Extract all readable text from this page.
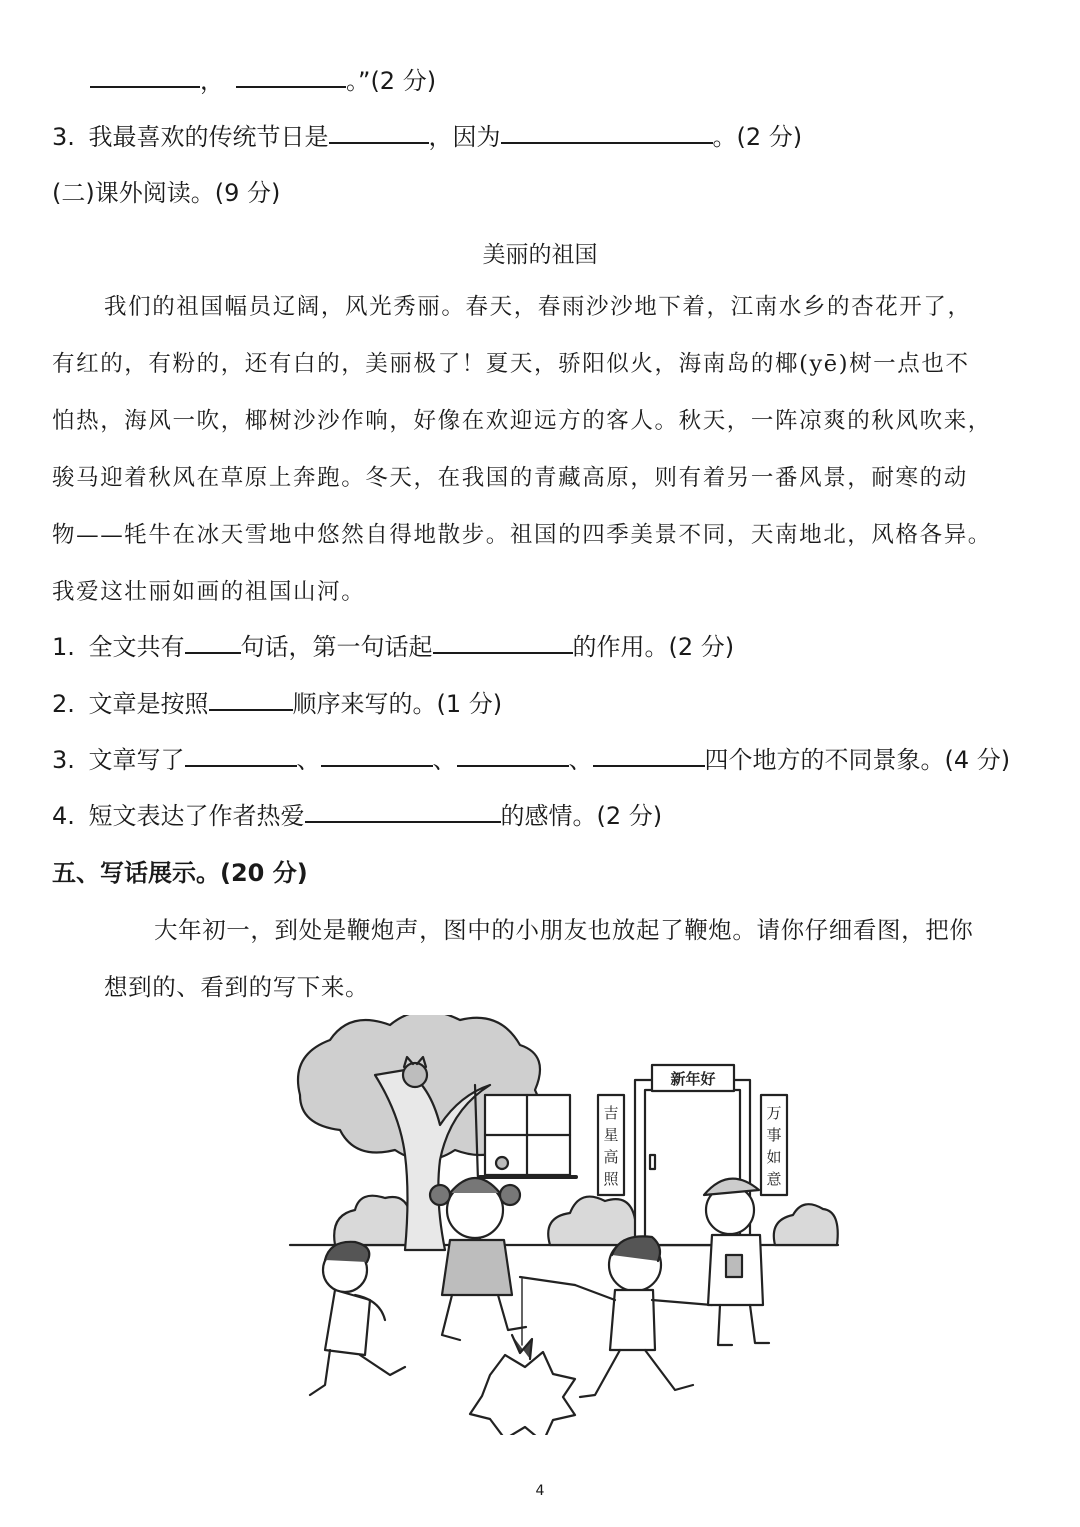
，	。”(2 分)
3. 我最喜欢的传统节日是	，因为	。(2 分)
(二)课外阅读。(9 分)
美丽的祖国
我们的祖国幅员辽阔，风光秀丽。春天，春雨沙沙地下着，江南水乡的杏花开了，
有红的，有粉的，还有白的，美丽极了！夏天，骄阳似火，海南岛的椰(yē)树一点也不
怕热，海风一吹，椰树沙沙作响，好像在欢迎远方的客人。秋天，一阵凉爽的秋风吹来，
骏马迎着秋风在草原上奔跑。冬天，在我国的青藏高原，则有着另一番风景，耐寒的动
物——牦牛在冰天雪地中悠然自得地散步。祖国的四季美景不同，天南地北，风格各异。
我爱这壮丽如画的祖国山河。
1. 全文共有 句话，第一句话起	的作用。(2 分)
2. 文章是按照	顺序来写的。(1 分)
3. 文章写了	、	、	、	四个地方的不同景象。(4 分)
4. 短文表达了作者热爱	的感情。(2 分)
五、写话展示。(20 分)
大年初一，到处是鞭炮声，图中的小朋友也放起了鞭炮。请你仔细看图，把你
想到的、看到的写下来。
新年好
吉
星
高
照
万
事
如
意
4
